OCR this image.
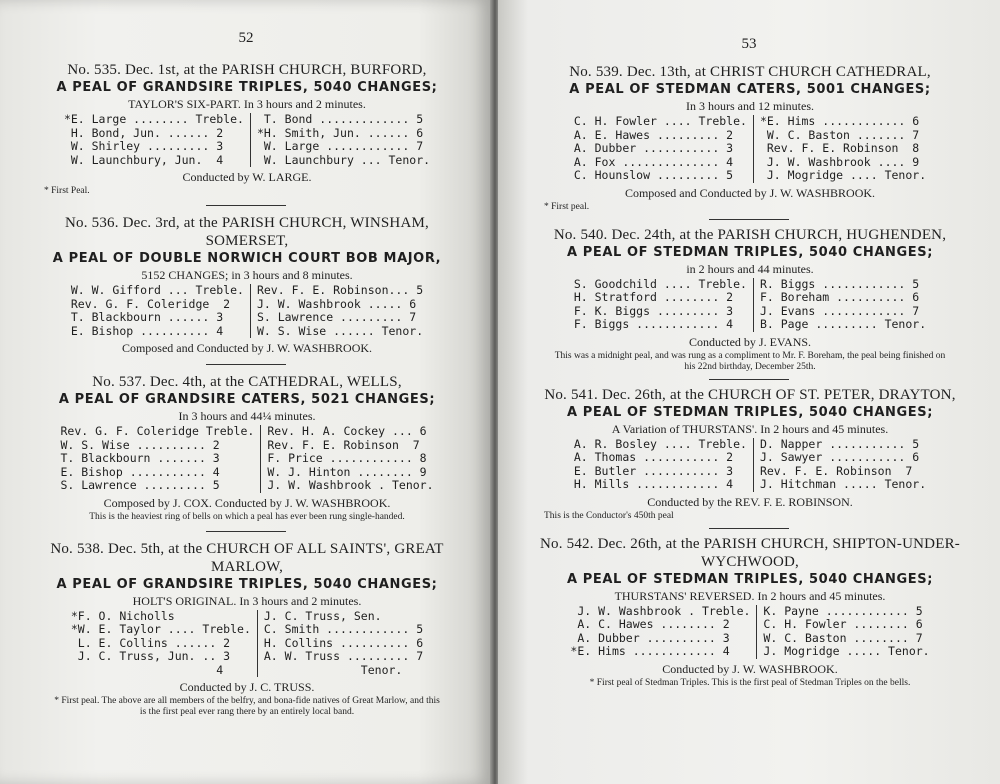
52

No. 535. Dec. 1st, at the PARISH CHURCH, BURFORD,
A PEAL OF GRANDSIRE TRIPLES, 5040 CHANGES;
TAYLOR'S SIX-PART. In 3 hours and 2 minutes.
*E. Large ........ Treble.
H. Bond, Jun. ...... 2
W. Shirley ......... 3
W. Launchbury, Jun.  4
T. Bond ............. 5
*H. Smith, Jun. ...... 6
W. Large ............ 7
W. Launchbury ... Tenor.
Conducted by W. LARGE.
* First Peal.
No. 536. Dec. 3rd, at the PARISH CHURCH, WINSHAM, SOMERSET,
A PEAL OF DOUBLE NORWICH COURT BOB MAJOR,
5152 CHANGES; in 3 hours and 8 minutes.
W. W. Gifford ... Treble.
Rev. G. F. Coleridge  2
T. Blackbourn ...... 3
E. Bishop .......... 4
Rev. F. E. Robinson... 5
J. W. Washbrook ..... 6
S. Lawrence ......... 7
W. S. Wise ...... Tenor.
Composed and Conducted by J. W. WASHBROOK.
No. 537. Dec. 4th, at the CATHEDRAL, WELLS,
A PEAL OF GRANDSIRE CATERS, 5021 CHANGES;
In 3 hours and 44¼ minutes.
Rev. G. F. Coleridge Treble.
W. S. Wise .......... 2
T. Blackbourn ....... 3
E. Bishop ........... 4
S. Lawrence ......... 5
Rev. H. A. Cockey ... 6
Rev. F. E. Robinson  7
F. Price ............ 8
W. J. Hinton ........ 9
J. W. Washbrook . Tenor.
Composed by J. COX. Conducted by J. W. WASHBROOK.
This is the heaviest ring of bells on which a peal has ever been rung single-handed.
No. 538. Dec. 5th, at the CHURCH OF ALL SAINTS', GREAT MARLOW,
A PEAL OF GRANDSIRE TRIPLES, 5040 CHANGES;
HOLT'S ORIGINAL. In 3 hours and 2 minutes.
*F. O. Nicholls
*W. E. Taylor .... Treble.
L. E. Collins ...... 2
J. C. Truss, Jun. .. 3
4
J. C. Truss, Sen.
C. Smith ............ 5
H. Collins .......... 6
A. W. Truss ......... 7
Tenor.
Conducted by J. C. TRUSS.
* First peal. The above are all members of the belfry, and bona-fide natives of Great Marlow, and this is the first peal ever rang there by an entirely local band.

53

No. 539. Dec. 13th, at CHRIST CHURCH CATHEDRAL,
A PEAL OF STEDMAN CATERS, 5001 CHANGES;
In 3 hours and 12 minutes.
C. H. Fowler .... Treble.
A. E. Hawes ......... 2
A. Dubber ........... 3
A. Fox .............. 4
C. Hounslow ......... 5
*E. Hims ............ 6
W. C. Baston ....... 7
Rev. F. E. Robinson  8
J. W. Washbrook .... 9
J. Mogridge .... Tenor.
Composed and Conducted by J. W. WASHBROOK.
* First peal.
No. 540. Dec. 24th, at the PARISH CHURCH, HUGHENDEN,
A PEAL OF STEDMAN TRIPLES, 5040 CHANGES;
in 2 hours and 44 minutes.
S. Goodchild .... Treble.
H. Stratford ........ 2
F. K. Biggs ......... 3
F. Biggs ............ 4
R. Biggs ............ 5
F. Boreham .......... 6
J. Evans ............ 7
B. Page ......... Tenor.
Conducted by J. EVANS.
This was a midnight peal, and was rung as a compliment to Mr. F. Boreham, the peal being finished on his 22nd birthday, December 25th.
No. 541. Dec. 26th, at the CHURCH OF ST. PETER, DRAYTON,
A PEAL OF STEDMAN TRIPLES, 5040 CHANGES;
A Variation of THURSTANS'. In 2 hours and 45 minutes.
A. R. Bosley .... Treble.
A. Thomas ........... 2
E. Butler ........... 3
H. Mills ............ 4
D. Napper ........... 5
J. Sawyer ........... 6
Rev. F. E. Robinson  7
J. Hitchman ..... Tenor.
Conducted by the REV. F. E. ROBINSON.
This is the Conductor's 450th peal
No. 542. Dec. 26th, at the PARISH CHURCH, SHIPTON-UNDER-WYCHWOOD,
A PEAL OF STEDMAN TRIPLES, 5040 CHANGES;
THURSTANS' REVERSED. In 2 hours and 45 minutes.
J. W. Washbrook . Treble.
A. C. Hawes ........ 2
A. Dubber .......... 3
*E. Hims ............ 4
K. Payne ............ 5
C. H. Fowler ........ 6
W. C. Baston ........ 7
J. Mogridge ..... Tenor.
Conducted by J. W. WASHBROOK.
* First peal of Stedman Triples. This is the first peal of Stedman Triples on the bells.
